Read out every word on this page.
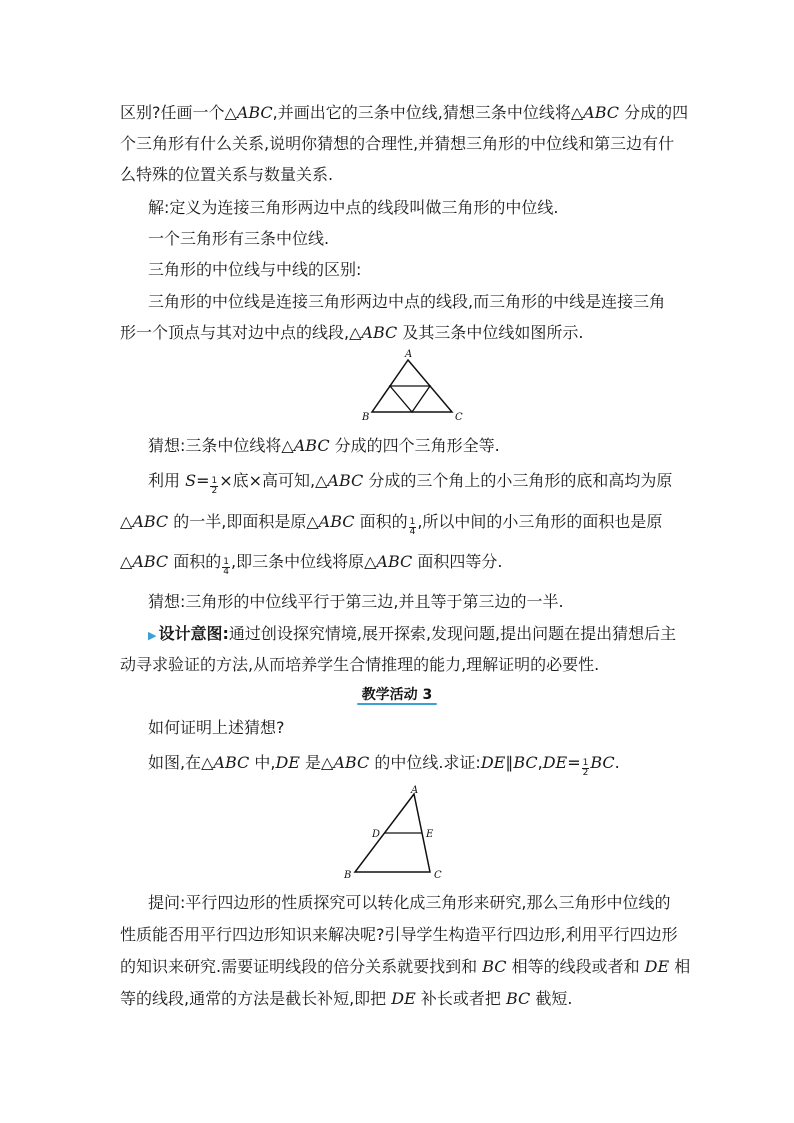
区别?任画一个△ABC,并画出它的三条中位线,猜想三条中位线将△ABC 分成的四
个三角形有什么关系,说明你猜想的合理性,并猜想三角形的中位线和第三边有什
么特殊的位置关系与数量关系.
解:定义为连接三角形两边中点的线段叫做三角形的中位线.
一个三角形有三条中位线.
三角形的中位线与中线的区别:
三角形的中位线是连接三角形两边中点的线段,而三角形的中线是连接三角
形一个顶点与其对边中点的线段,△ABC 及其三条中位线如图所示.
A
B	C
猜想:三条中位线将△ABC 分成的四个三角形全等.
利用 $S= \frac{1}{2}$ ×底×高可知,△ABC 分成的三个角上的小三角形的底和高均为原
△ABC 的一半,即面积是原△ABC 面积的 $\frac{1}{4}$ ,所以中间的小三角形的面积也是原
△ABC 面积的 $\frac{1}{4}$ ,即三条中位线将原△ABC 面积四等分.
猜想:三角形的中位线平行于第三边,并且等于第三边的一半.
▶ 设计意图:通过创设探究情境,展开探索,发现问题,提出问题在提出猜想后主
动寻求验证的方法,从而培养学生合情推理的能力,理解证明的必要性.
教学活动 3
如何证明上述猜想?
如图,在△ABC 中,DE 是△ABC 的中位线.求证:DE∥BC,DE= $\frac{1}{2}$ BC.
A
B	C
D	E
提问:平行四边形的性质探究可以转化成三角形来研究,那么三角形中位线的
性质能否用平行四边形知识来解决呢?引导学生构造平行四边形,利用平行四边形
的知识来研究.需要证明线段的倍分关系就要找到和 BC 相等的线段或者和 DE 相
等的线段,通常的方法是截长补短,即把 DE 补长或者把 BC 截短.
